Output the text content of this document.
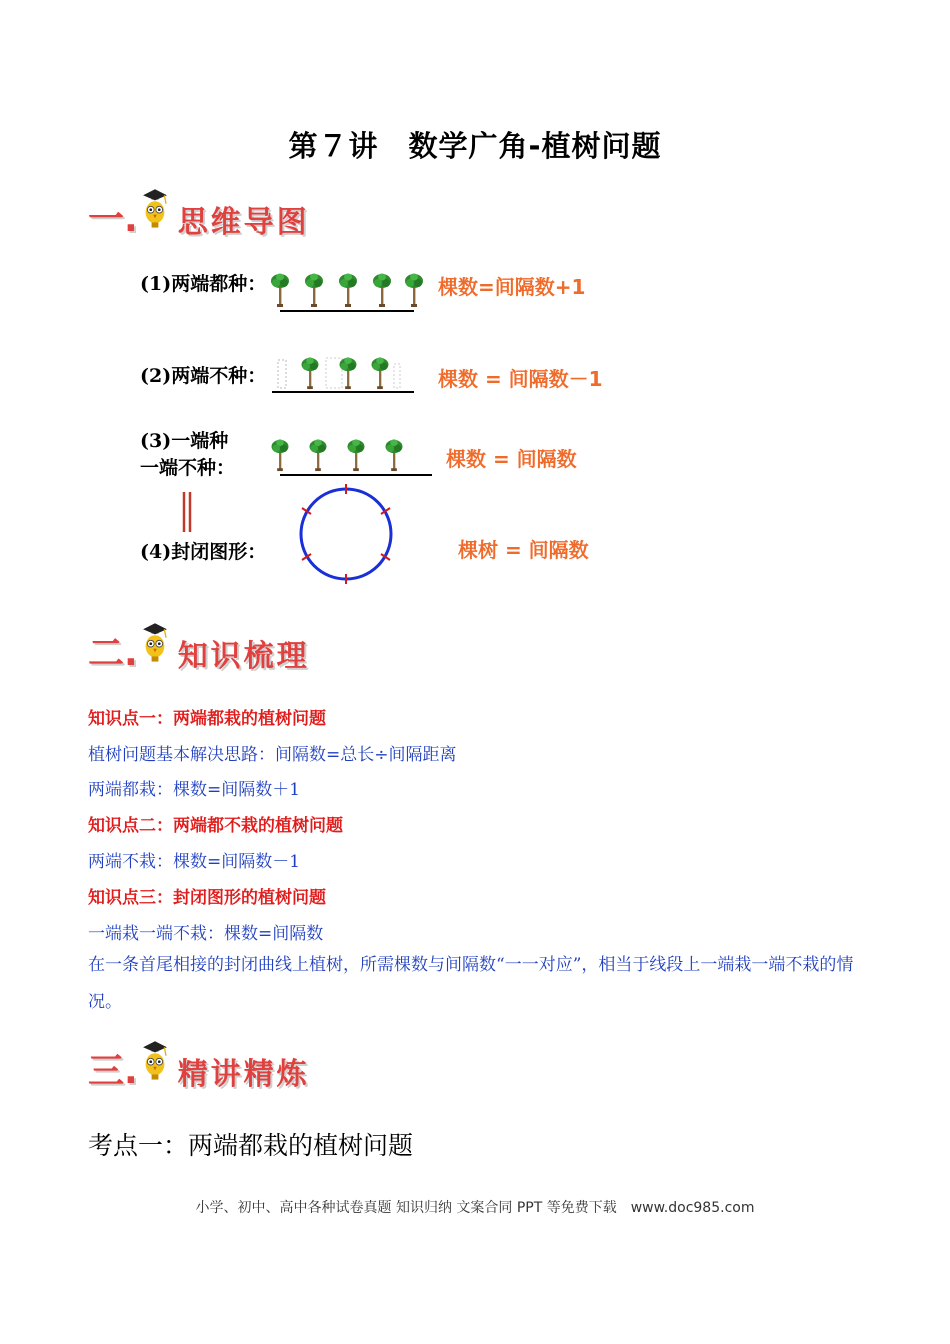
第７讲　数学广角-植树问题
一. 思维导图
(1)两端都种：	棵数=间隔数+1
(2)两端不种：	棵数 = 间隔数－1
(3)一端种
一端不种：	棵数 = 间隔数
(4)封闭图形：	棵树 = 间隔数
二. 知识梳理
知识点一：两端都栽的植树问题
植树问题基本解决思路：间隔数=总长÷间隔距离
两端都栽：棵数=间隔数＋1
知识点二：两端都不栽的植树问题
两端不栽：棵数=间隔数－1
知识点三：封闭图形的植树问题
一端栽一端不栽：棵数=间隔数
在一条首尾相接的封闭曲线上植树，所需棵数与间隔数“一一对应”，相当于线段上一端栽一端不栽的情况。
三. 精讲精炼
考点一：两端都栽的植树问题
小学、初中、高中各种试卷真题 知识归纳 文案合同 PPT 等免费下载　www.doc985.com
